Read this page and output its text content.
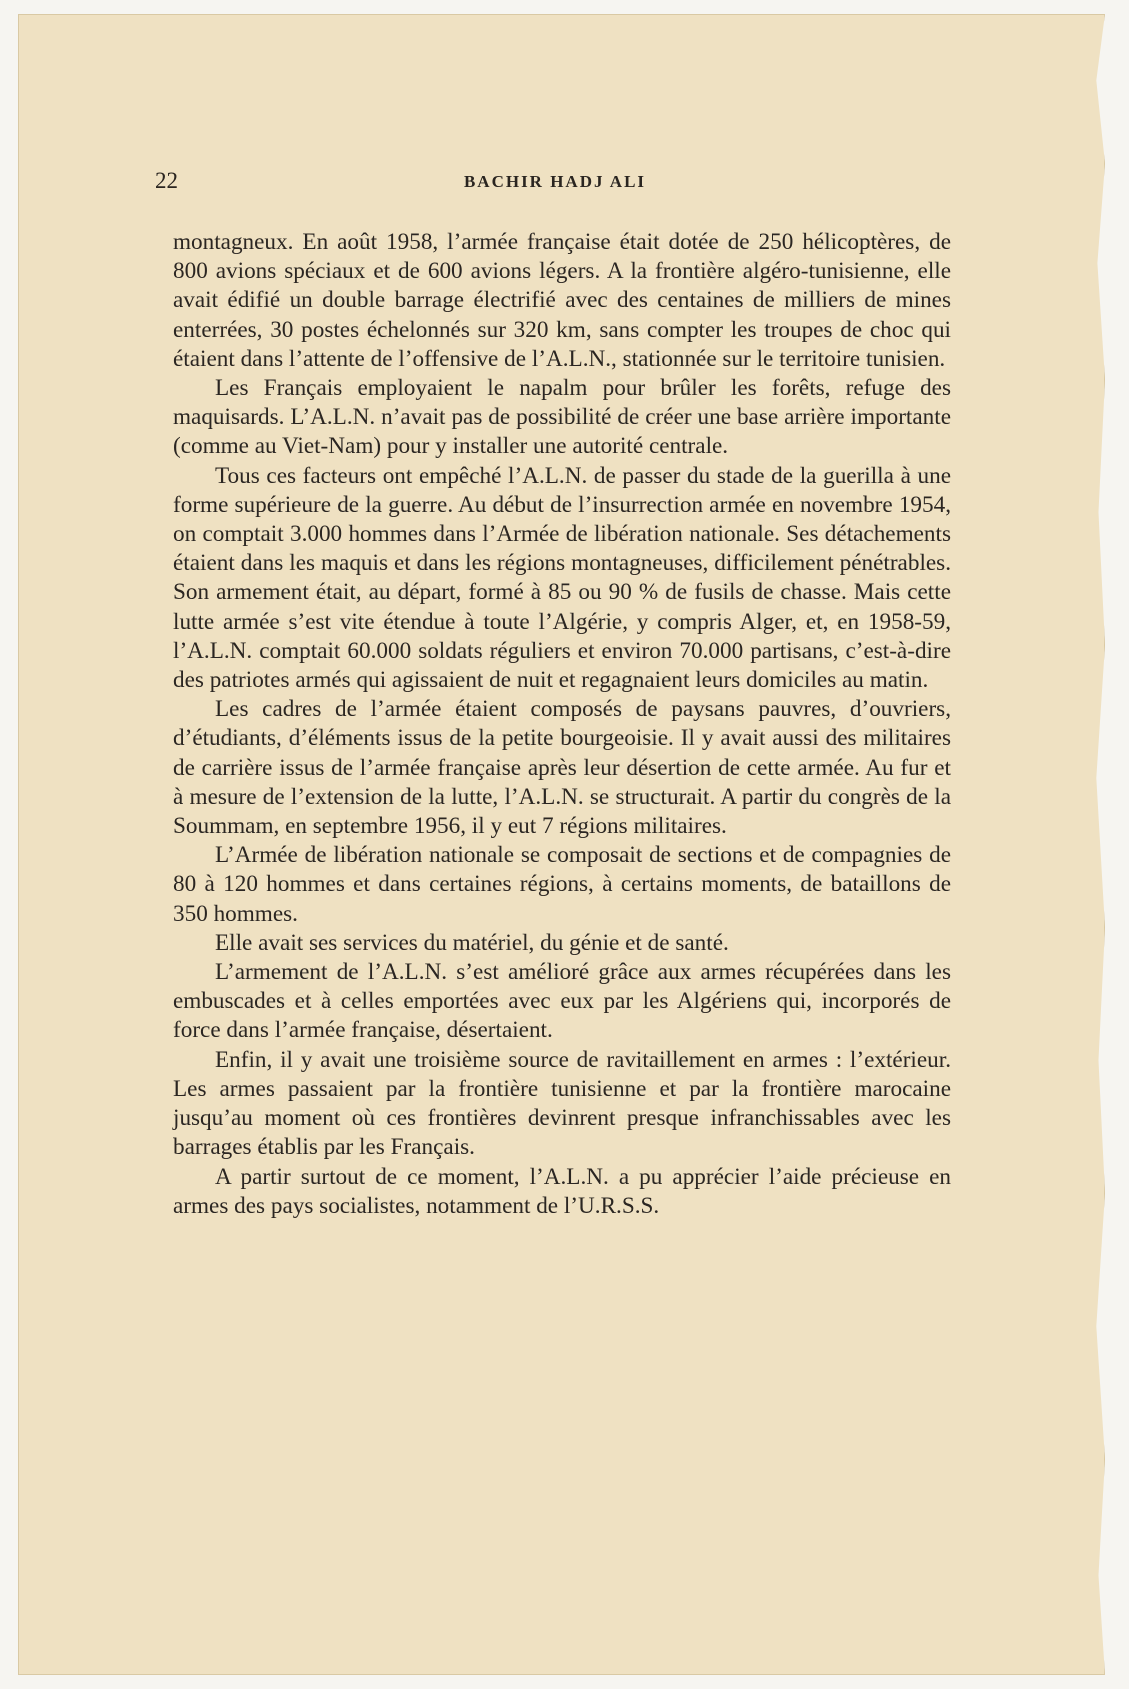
22	BACHIR HADJ ALI

montagneux. En août 1958, l’armée française était dotée de 250 hélicoptères, de 800 avions spéciaux et de 600 avions légers. A la frontière algéro-tunisienne, elle avait édifié un double barrage électrifié avec des centaines de milliers de mines enterrées, 30 postes échelonnés sur 320 km, sans compter les troupes de choc qui étaient dans l’attente de l’offensive de l’A.L.N., stationnée sur le territoire tunisien.

Les Français employaient le napalm pour brûler les forêts, refuge des maquisards. L’A.L.N. n’avait pas de possibilité de créer une base arrière importante (comme au Viet-Nam) pour y installer une autorité centrale.

Tous ces facteurs ont empêché l’A.L.N. de passer du stade de la guerilla à une forme supérieure de la guerre. Au début de l’insurrection armée en novembre 1954, on comptait 3.000 hommes dans l’Armée de libération nationale. Ses détachements étaient dans les maquis et dans les régions montagneuses, difficilement pénétrables. Son armement était, au départ, formé à 85 ou 90 % de fusils de chasse. Mais cette lutte armée s’est vite étendue à toute l’Algérie, y compris Alger, et, en 1958-59, l’A.L.N. comptait 60.000 soldats réguliers et environ 70.000 partisans, c’est-à-dire des patriotes armés qui agissaient de nuit et regagnaient leurs domiciles au matin.

Les cadres de l’armée étaient composés de paysans pauvres, d’ouvriers, d’étudiants, d’éléments issus de la petite bourgeoisie. Il y avait aussi des militaires de carrière issus de l’armée française après leur désertion de cette armée. Au fur et à mesure de l’extension de la lutte, l’A.L.N. se structurait. A partir du congrès de la Soummam, en septembre 1956, il y eut 7 régions militaires.

L’Armée de libération nationale se composait de sections et de compagnies de 80 à 120 hommes et dans certaines régions, à certains moments, de bataillons de 350 hommes.

Elle avait ses services du matériel, du génie et de santé.

L’armement de l’A.L.N. s’est amélioré grâce aux armes récupérées dans les embuscades et à celles emportées avec eux par les Algériens qui, incorporés de force dans l’armée française, désertaient.

Enfin, il y avait une troisième source de ravitaillement en armes : l’extérieur. Les armes passaient par la frontière tunisienne et par la frontière marocaine jusqu’au moment où ces frontières devinrent presque infranchissables avec les barrages établis par les Français.

A partir surtout de ce moment, l’A.L.N. a pu apprécier l’aide précieuse en armes des pays socialistes, notamment de l’U.R.S.S.
